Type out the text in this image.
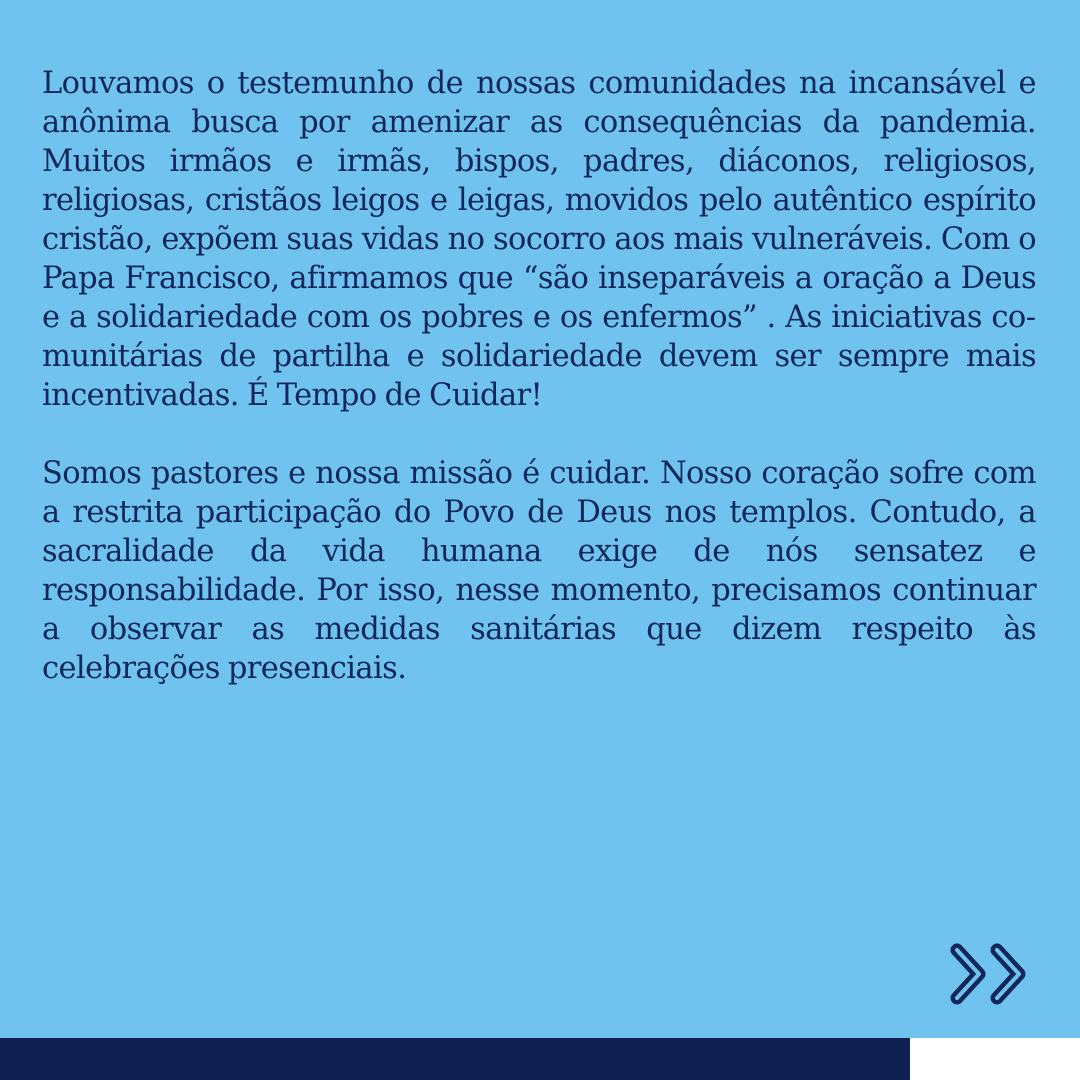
Louvamos o testemunho de nossas comunidades na incansável e anônima busca por amenizar as consequências da pandemia. Muitos irmãos e irmãs, bispos, padres, diáconos, religiosos, religiosas, cristãos leigos e leigas, movidos pelo autêntico espírito cristão, expõem suas vidas no socorro aos mais vulneráveis. Com o Papa Francisco, afirmamos que “são inseparáveis a oração a Deus e a solidariedade com os pobres e os enfermos” . As iniciativas comunitárias de partilha e solidariedade devem ser sempre mais incentivadas. É Tempo de Cuidar!

Somos pastores e nossa missão é cuidar. Nosso coração sofre com a restrita participação do Povo de Deus nos templos. Contudo, a sacralidade da vida humana exige de nós sensatez e responsabilidade. Por isso, nesse momento, precisamos continuar a observar as medidas sanitárias que dizem respeito às celebrações presenciais.
